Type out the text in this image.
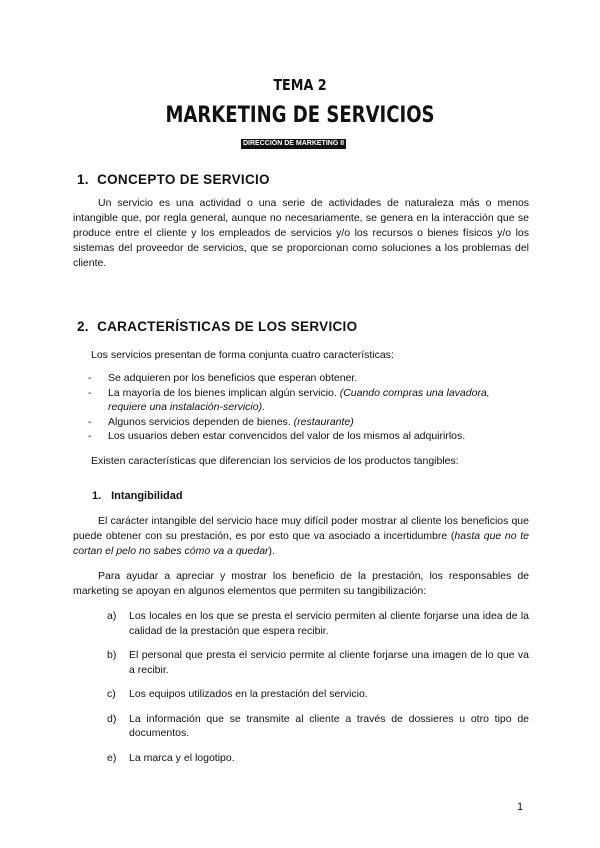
TEMA 2
MARKETING DE SERVICIOS
DIRECCIÓN DE MARKETING II
1. CONCEPTO DE SERVICIO

Un servicio es una actividad o una serie de actividades de naturaleza más o menos intangible que, por regla general, aunque no necesariamente, se genera en la interacción que se produce entre el cliente y los empleados de servicios y/o los recursos o bienes físicos y/o los sistemas del proveedor de servicios, que se proporcionan como soluciones a los problemas del cliente.

2. CARACTERÍSTICAS DE LOS SERVICIO

Los servicios presentan de forma conjunta cuatro características:

- Se adquieren por los beneficios que esperan obtener.
- La mayoría de los bienes implican algún servicio. (Cuando compras una lavadora, requiere una instalación-servicio).
- Algunos servicios dependen de bienes. (restaurante)
- Los usuarios deben estar convencidos del valor de los mismos al adquirirlos.

Existen características que diferencian los servicios de los productos tangibles:

1. Intangibilidad

El carácter intangible del servicio hace muy difícil poder mostrar al cliente los beneficios que puede obtener con su prestación, es por esto que va asociado a incertidumbre (hasta que no te cortan el pelo no sabes cómo va a quedar).

Para ayudar a apreciar y mostrar los beneficio de la prestación, los responsables de marketing se apoyan en algunos elementos que permiten su tangibilización:

a) Los locales en los que se presta el servicio permiten al cliente forjarse una idea de la calidad de la prestación que espera recibir.
b) El personal que presta el servicio permite al cliente forjarse una imagen de lo que va a recibir.
c) Los equipos utilizados en la prestación del servicio.
d) La información que se transmite al cliente a través de dossieres u otro tipo de documentos.
e) La marca y el logotipo.
1
